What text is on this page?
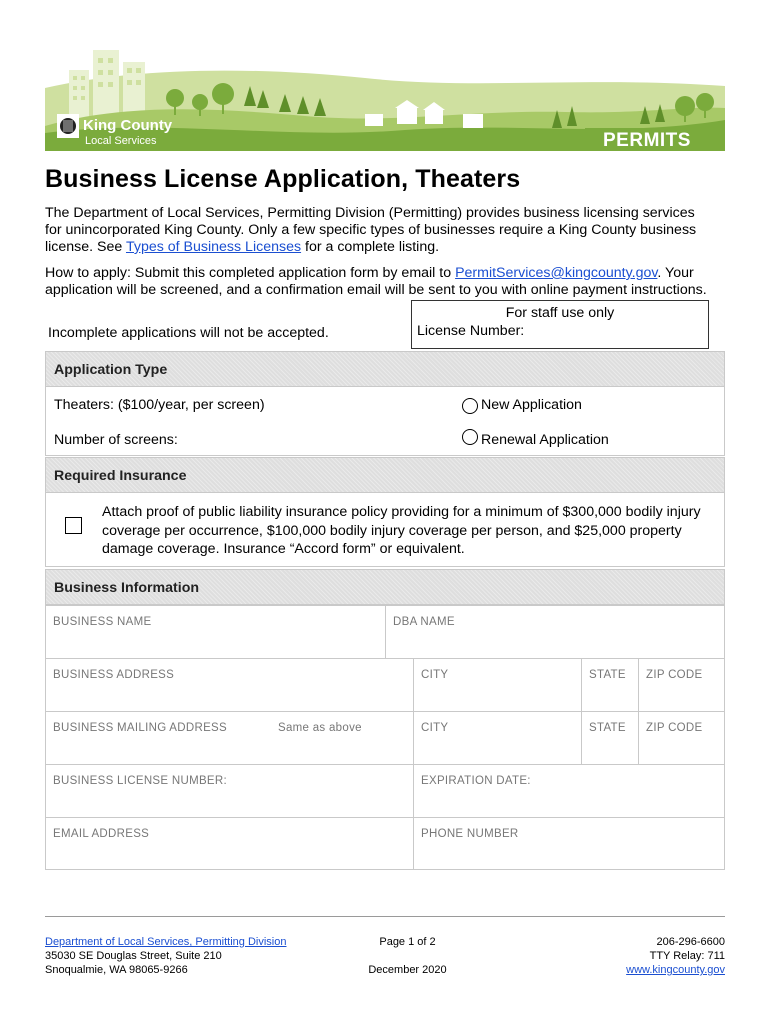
King County
Local Services	PERMITS
Business License Application, Theaters
The Department of Local Services, Permitting Division (Permitting) provides business licensing services for unincorporated King County. Only a few specific types of businesses require a King County business license. See Types of Business Licenses for a complete listing.
How to apply: Submit this completed application form by email to PermitServices@kingcounty.gov. Your application will be screened, and a confirmation email will be sent to you with online payment instructions.
Incomplete applications will not be accepted.
For staff use only
License Number:
Application Type
Theaters: ($100/year, per screen)
Number of screens:
New Application
Renewal Application
Required Insurance
Attach proof of public liability insurance policy providing for a minimum of $300,000 bodily injury coverage per occurrence, $100,000 bodily injury coverage per person, and $25,000 property damage coverage. Insurance “Accord form” or equivalent.
Business Information
BUSINESS NAME	DBA NAME
BUSINESS ADDRESS	CITY	STATE ZIP CODE
BUSINESS MAILING ADDRESS	Same as above	CITY	STATE ZIP CODE
BUSINESS LICENSE NUMBER:	EXPIRATION DATE:
EMAIL ADDRESS	PHONE NUMBER
Department of Local Services, Permitting Division
35030 SE Douglas Street, Suite 210
Snoqualmie, WA 98065-9266
Page 1 of 2

December 2020
206-296-6600
TTY Relay: 711
www.kingcounty.gov
